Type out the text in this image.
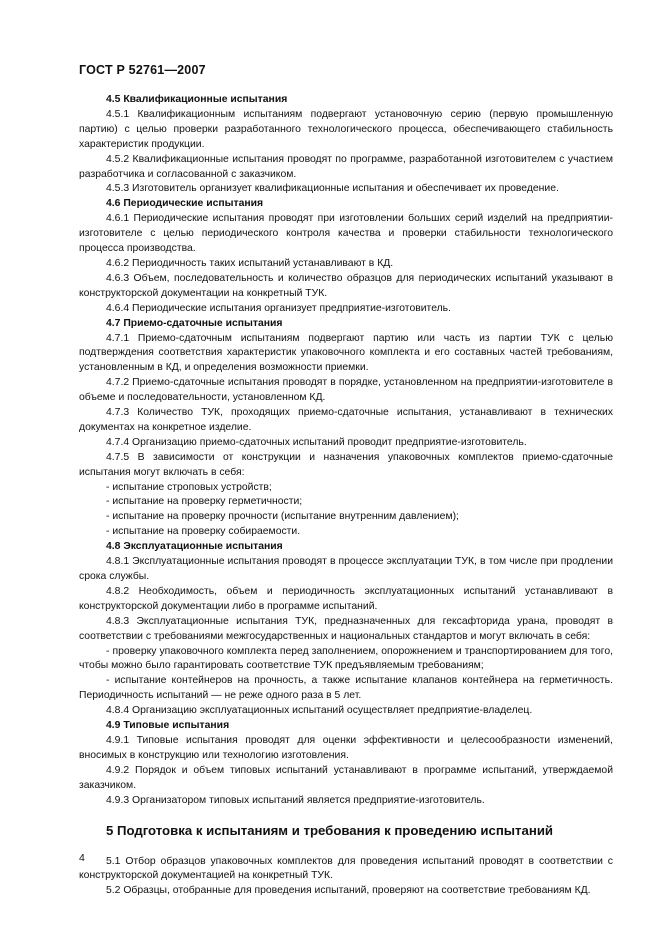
ГОСТ Р 52761—2007

4.5 Квалификационные испытания

4.5.1 Квалификационным испытаниям подвергают установочную серию (первую промышленную партию) с целью проверки разработанного технологического процесса, обеспечивающего стабильность характеристик продукции.

4.5.2 Квалификационные испытания проводят по программе, разработанной изготовителем с участием разработчика и согласованной с заказчиком.

4.5.3 Изготовитель организует квалификационные испытания и обеспечивает их проведение.

4.6 Периодические испытания

4.6.1 Периодические испытания проводят при изготовлении больших серий изделий на предприятии-изготовителе с целью периодического контроля качества и проверки стабильности технологического процесса производства.

4.6.2 Периодичность таких испытаний устанавливают в КД.

4.6.3 Объем, последовательность и количество образцов для периодических испытаний указывают в конструкторской документации на конкретный ТУК.

4.6.4 Периодические испытания организует предприятие-изготовитель.

4.7 Приемо-сдаточные испытания

4.7.1 Приемо-сдаточным испытаниям подвергают партию или часть из партии ТУК с целью подтверждения соответствия характеристик упаковочного комплекта и его составных частей требованиям, установленным в КД, и определения возможности приемки.

4.7.2 Приемо-сдаточные испытания проводят в порядке, установленном на предприятии-изготовителе в объеме и последовательности, установленном КД.

4.7.3 Количество ТУК, проходящих приемо-сдаточные испытания, устанавливают в технических документах на конкретное изделие.

4.7.4 Организацию приемо-сдаточных испытаний проводит предприятие-изготовитель.

4.7.5 В зависимости от конструкции и назначения упаковочных комплектов приемо-сдаточные испытания могут включать в себя:

- испытание строповых устройств;

- испытание на проверку герметичности;

- испытание на проверку прочности (испытание внутренним давлением);

- испытание на проверку собираемости.

4.8 Эксплуатационные испытания

4.8.1 Эксплуатационные испытания проводят в процессе эксплуатации ТУК, в том числе при продлении срока службы.

4.8.2 Необходимость, объем и периодичность эксплуатационных испытаний устанавливают в конструкторской документации либо в программе испытаний.

4.8.3 Эксплуатационные испытания ТУК, предназначенных для гексафторида урана, проводят в соответствии с требованиями межгосударственных и национальных стандартов и могут включать в себя:

- проверку упаковочного комплекта перед заполнением, опорожнением и транспортированием для того, чтобы можно было гарантировать соответствие ТУК предъявляемым требованиям;

- испытание контейнеров на прочность, а также испытание клапанов контейнера на герметичность. Периодичность испытаний — не реже одного раза в 5 лет.

4.8.4 Организацию эксплуатационных испытаний осуществляет предприятие-владелец.

4.9 Типовые испытания

4.9.1 Типовые испытания проводят для оценки эффективности и целесообразности изменений, вносимых в конструкцию или технологию изготовления.

4.9.2 Порядок и объем типовых испытаний устанавливают в программе испытаний, утверждаемой заказчиком.

4.9.3 Организатором типовых испытаний является предприятие-изготовитель.

5 Подготовка к испытаниям и требования к проведению испытаний

5.1 Отбор образцов упаковочных комплектов для проведения испытаний проводят в соответствии с конструкторской документацией на конкретный ТУК.

5.2 Образцы, отобранные для проведения испытаний, проверяют на соответствие требованиям КД.

4
